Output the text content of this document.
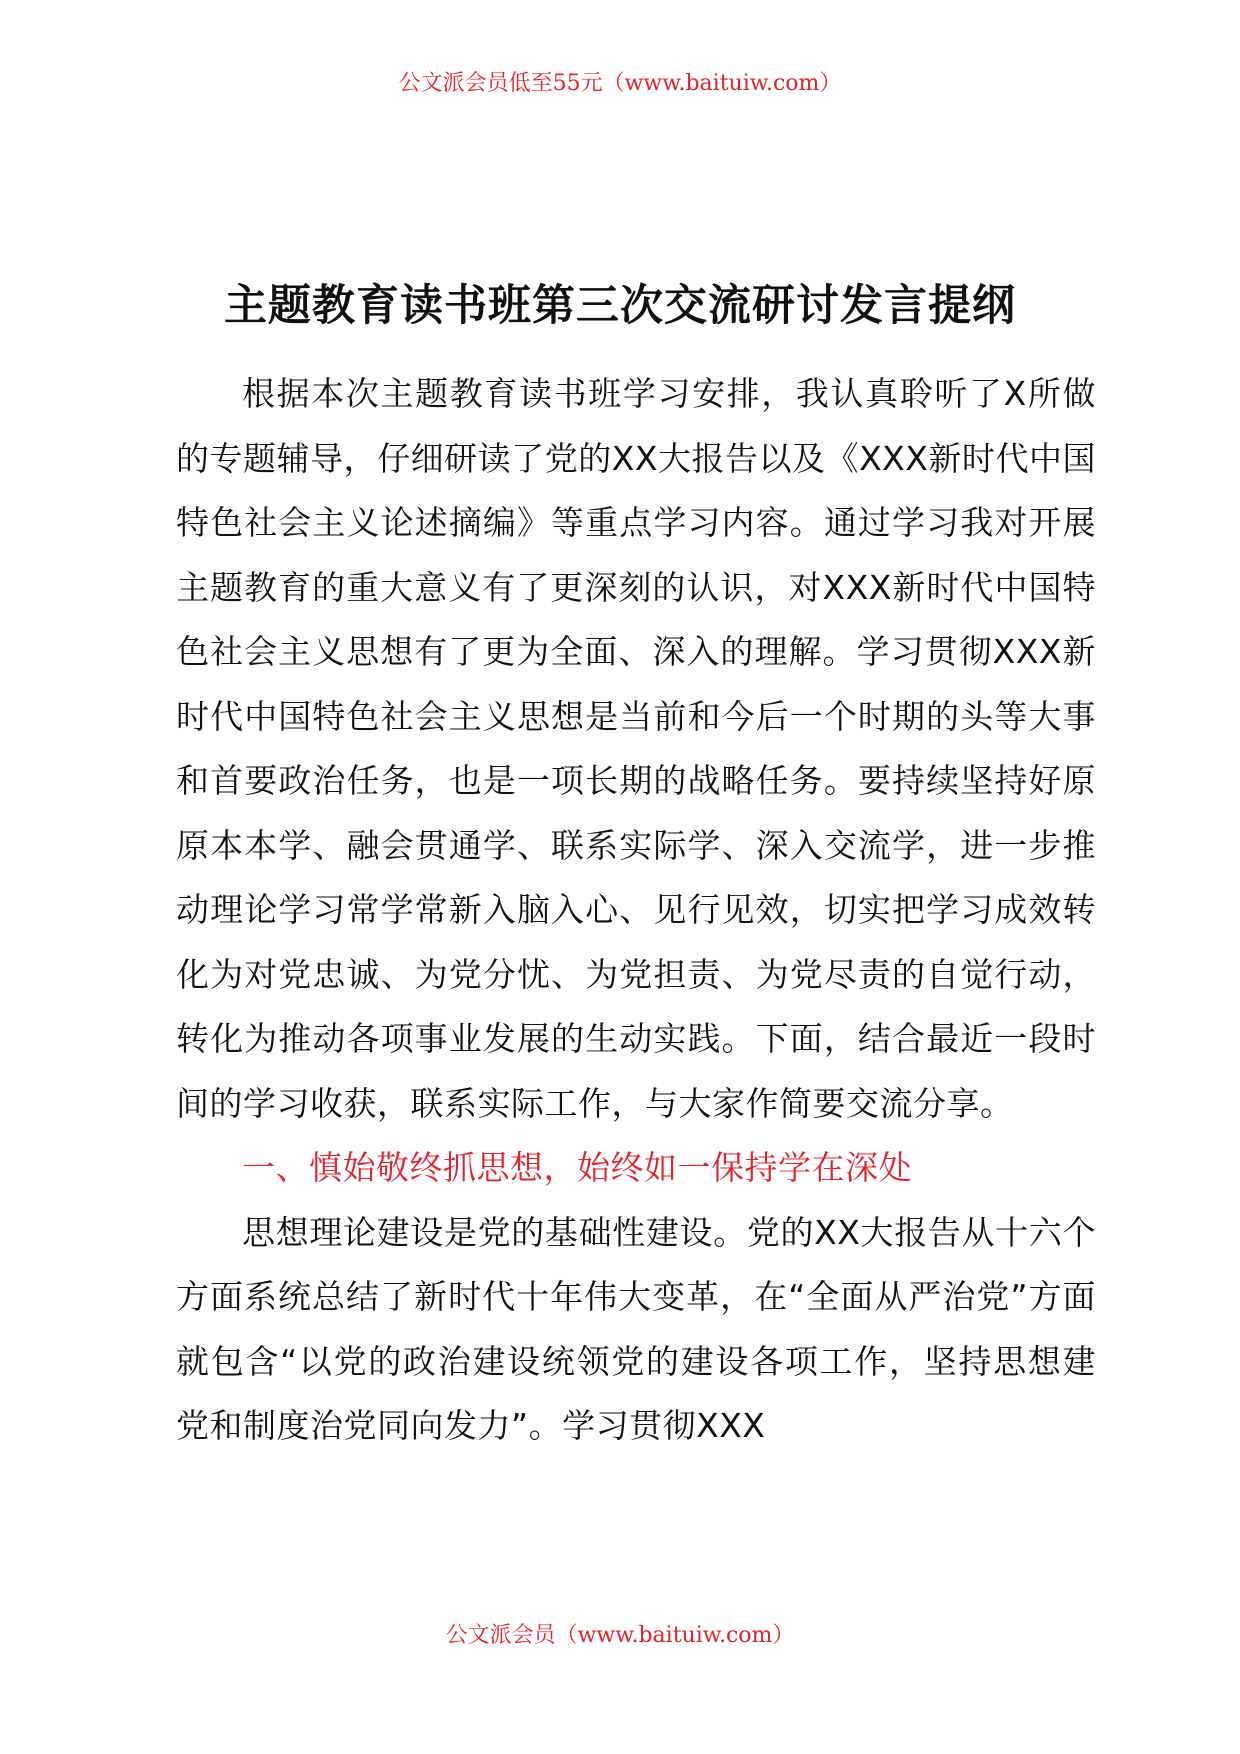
公文派会员低至55元（www.baituiw.com）
主题教育读书班第三次交流研讨发言提纲

根据本次主题教育读书班学习安排，我认真聆听了X所做的专题辅导，仔细研读了党的XX大报告以及《XXX新时代中国特色社会主义论述摘编》等重点学习内容。通过学习我对开展主题教育的重大意义有了更深刻的认识，对XXX新时代中国特色社会主义思想有了更为全面、深入的理解。学习贯彻XXX新时代中国特色社会主义思想是当前和今后一个时期的头等大事和首要政治任务，也是一项长期的战略任务。要持续坚持好原原本本学、融会贯通学、联系实际学、深入交流学，进一步推动理论学习常学常新入脑入心、见行见效，切实把学习成效转化为对党忠诚、为党分忧、为党担责、为党尽责的自觉行动，转化为推动各项事业发展的生动实践。下面，结合最近一段时间的学习收获，联系实际工作，与大家作简要交流分享。

一、慎始敬终抓思想，始终如一保持学在深处

思想理论建设是党的基础性建设。党的XX大报告从十六个方面系统总结了新时代十年伟大变革，在“全面从严治党”方面就包含“以党的政治建设统领党的建设各项工作，坚持思想建党和制度治党同向发力”。学习贯彻XXX

公文派会员（www.baituiw.com）
